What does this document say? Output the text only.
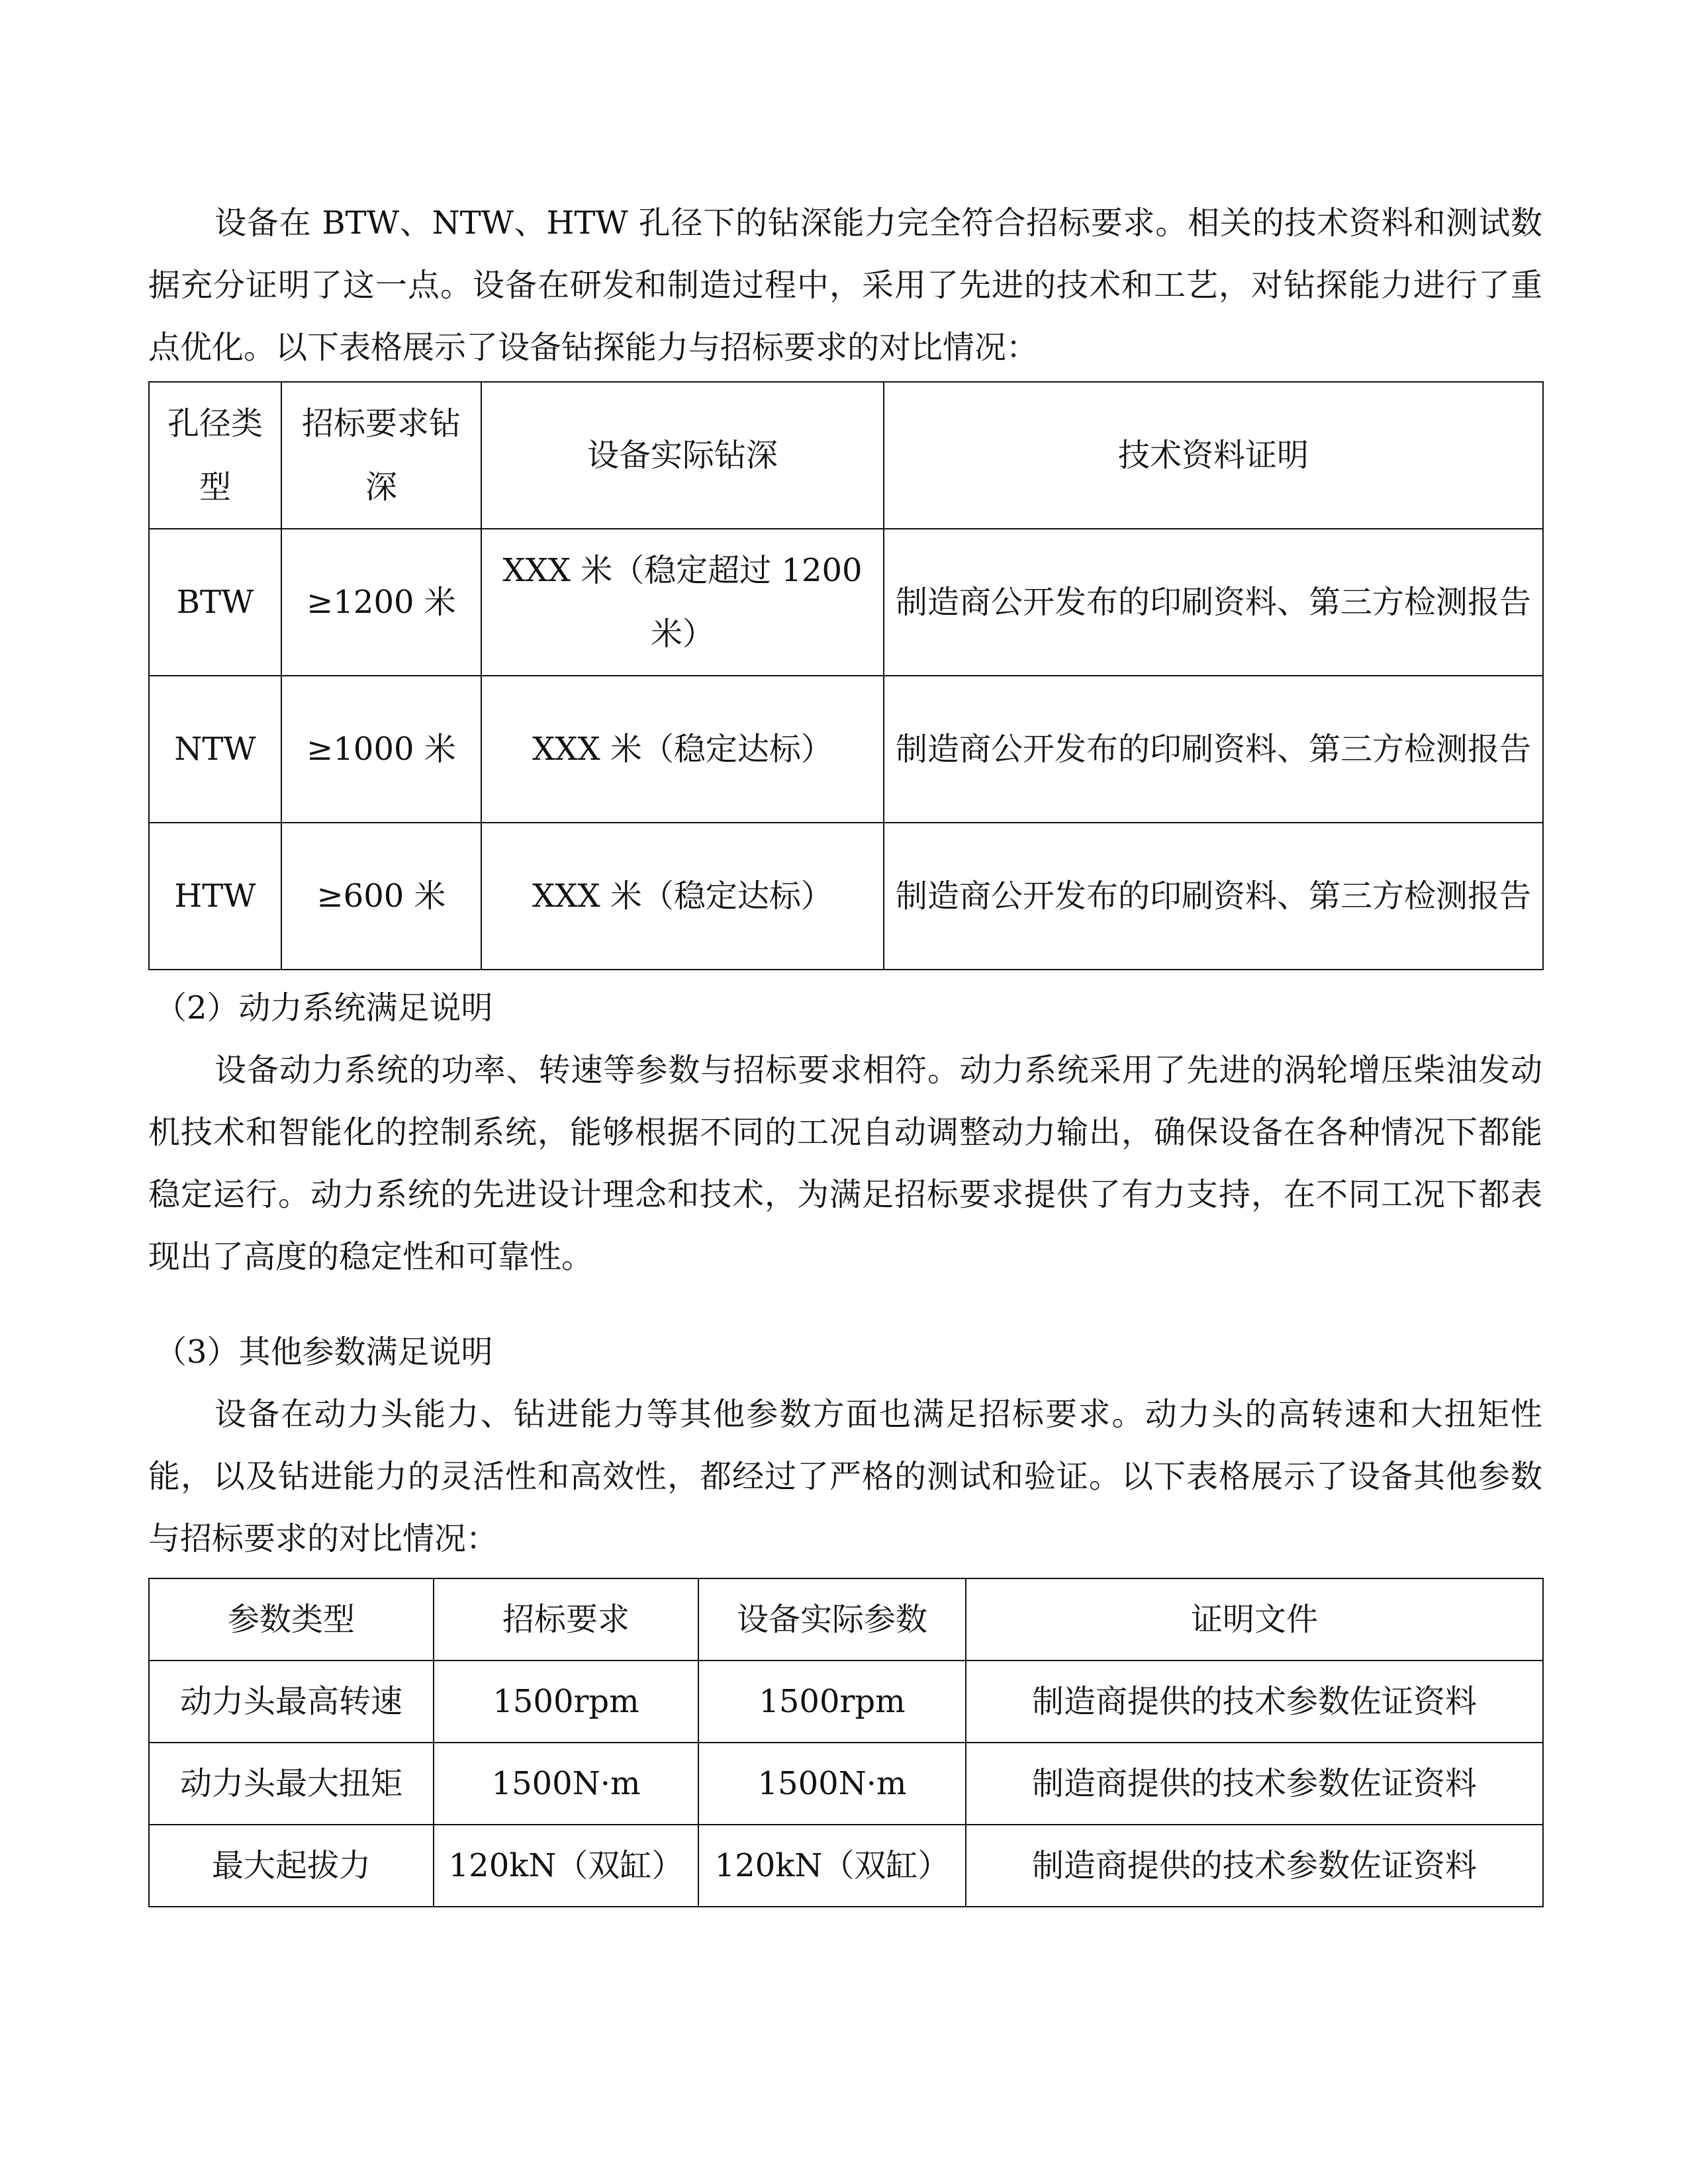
设备在 BTW、NTW、HTW 孔径下的钻深能力完全符合招标要求。相关的技术资料和测试数据充分证明了这一点。设备在研发和制造过程中，采用了先进的技术和工艺，对钻探能力进行了重点优化。以下表格展示了设备钻探能力与招标要求的对比情况：

孔径类型	招标要求钻深	设备实际钻深	技术资料证明
BTW	≥1200 米	XXX 米（稳定超过 1200 米）	制造商公开发布的印刷资料、第三方检测报告
NTW	≥1000 米	XXX 米（稳定达标）	制造商公开发布的印刷资料、第三方检测报告
HTW	≥600 米	XXX 米（稳定达标）	制造商公开发布的印刷资料、第三方检测报告

（2）动力系统满足说明

设备动力系统的功率、转速等参数与招标要求相符。动力系统采用了先进的涡轮增压柴油发动机技术和智能化的控制系统，能够根据不同的工况自动调整动力输出，确保设备在各种情况下都能稳定运行。动力系统的先进设计理念和技术，为满足招标要求提供了有力支持，在不同工况下都表现出了高度的稳定性和可靠性。

（3）其他参数满足说明

设备在动力头能力、钻进能力等其他参数方面也满足招标要求。动力头的高转速和大扭矩性能，以及钻进能力的灵活性和高效性，都经过了严格的测试和验证。以下表格展示了设备其他参数与招标要求的对比情况：

参数类型	招标要求	设备实际参数	证明文件
动力头最高转速	1500rpm	1500rpm	制造商提供的技术参数佐证资料
动力头最大扭矩	1500N·m	1500N·m	制造商提供的技术参数佐证资料
最大起拔力	120kN（双缸）	120kN（双缸）	制造商提供的技术参数佐证资料
